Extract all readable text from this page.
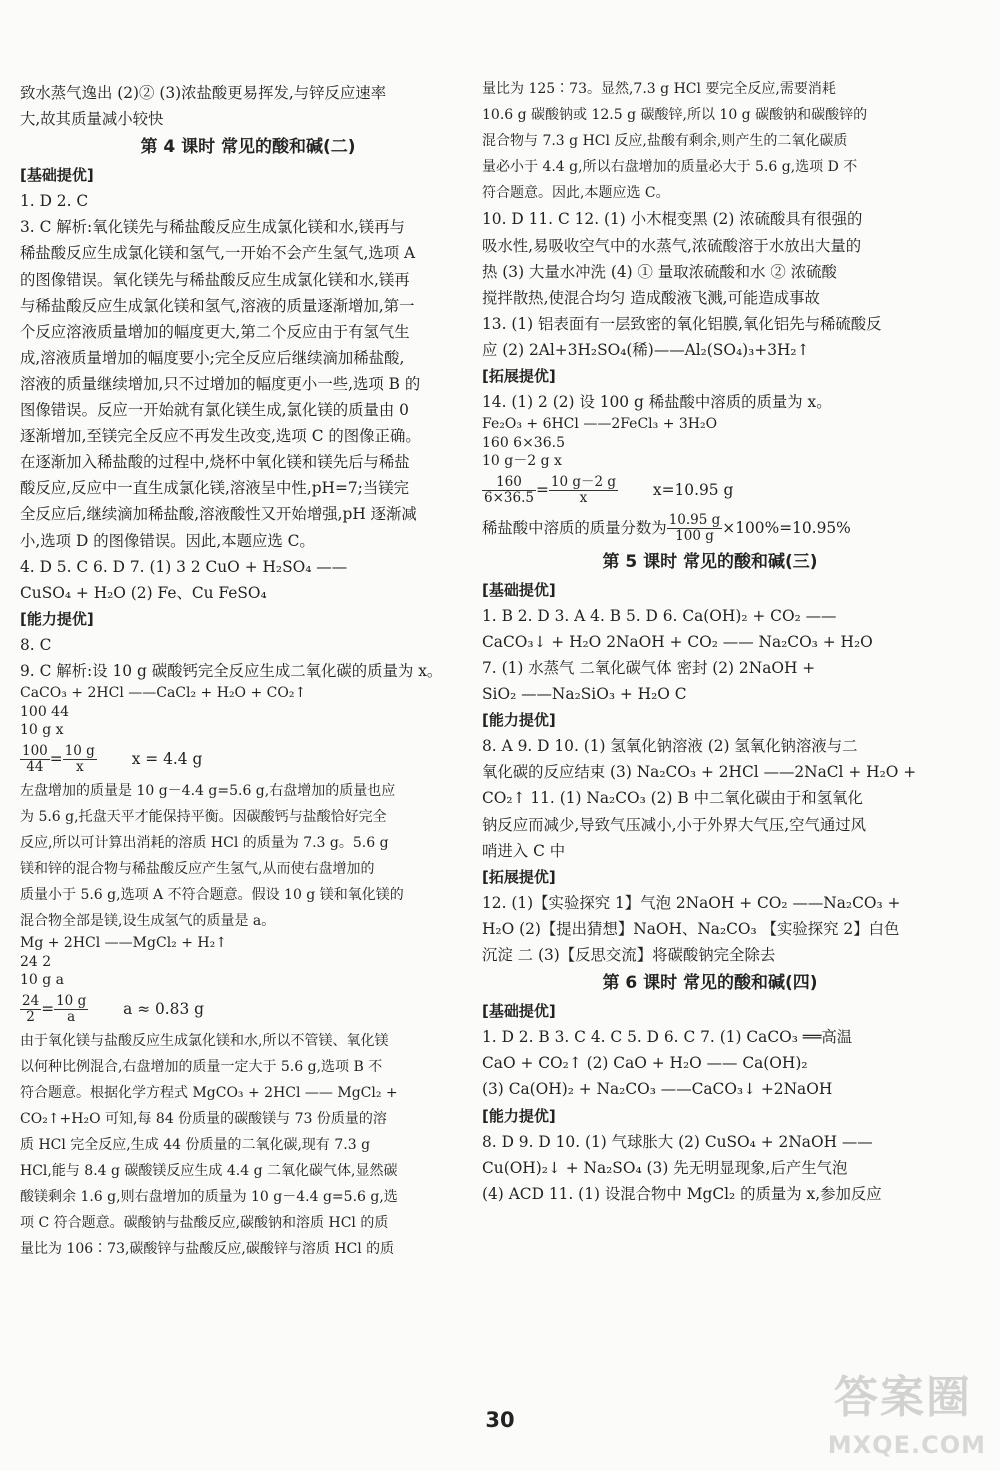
致水蒸气逸出 (2)② (3)浓盐酸更易挥发,与锌反应速率
大,故其质量减小较快
第 4 课时 常见的酸和碱(二)
[基础提优]
1. D 2. C
3. C 解析:氧化镁先与稀盐酸反应生成氯化镁和水,镁再与
稀盐酸反应生成氯化镁和氢气,一开始不会产生氢气,选项 A
的图像错误。氧化镁先与稀盐酸反应生成氯化镁和水,镁再
与稀盐酸反应生成氯化镁和氢气,溶液的质量逐渐增加,第一
个反应溶液质量增加的幅度更大,第二个反应由于有氢气生
成,溶液质量增加的幅度要小;完全反应后继续滴加稀盐酸,
溶液的质量继续增加,只不过增加的幅度更小一些,选项 B 的
图像错误。反应一开始就有氯化镁生成,氯化镁的质量由 0
逐渐增加,至镁完全反应不再发生改变,选项 C 的图像正确。
在逐渐加入稀盐酸的过程中,烧杯中氧化镁和镁先后与稀盐
酸反应,反应中一直生成氯化镁,溶液呈中性,pH=7;当镁完
全反应后,继续滴加稀盐酸,溶液酸性又开始增强,pH 逐渐减
小,选项 D 的图像错误。因此,本题应选 C。
4. D 5. C 6. D 7. (1) 3 2 CuO + H₂SO₄ ——
CuSO₄ + H₂O (2) Fe、Cu FeSO₄
[能力提优]
8. C
9. C 解析:设 10 g 碳酸钙完全反应生成二氧化碳的质量为 x。
CaCO₃ + 2HCl ——CaCl₂ + H₂O + CO₂↑
100 44
10 g x
$\frac{100}{44} = \frac{10 g}{x}$ x = 4.4 g
左盘增加的质量是 10 g－4.4 g=5.6 g,右盘增加的质量也应
为 5.6 g,托盘天平才能保持平衡。因碳酸钙与盐酸恰好完全
反应,所以可计算出消耗的溶质 HCl 的质量为 7.3 g。5.6 g
镁和锌的混合物与稀盐酸反应产生氢气,从而使右盘增加的
质量小于 5.6 g,选项 A 不符合题意。假设 10 g 镁和氧化镁的
混合物全部是镁,设生成氢气的质量是 a。
Mg + 2HCl ——MgCl₂ + H₂↑
24 2
10 g a
$\frac{24}{2} = \frac{10 g}{a}$ a ≈ 0.83 g
由于氧化镁与盐酸反应生成氯化镁和水,所以不管镁、氧化镁
以何种比例混合,右盘增加的质量一定大于 5.6 g,选项 B 不
符合题意。根据化学方程式 MgCO₃ + 2HCl —— MgCl₂ +
CO₂↑+H₂O 可知,每 84 份质量的碳酸镁与 73 份质量的溶
质 HCl 完全反应,生成 44 份质量的二氧化碳,现有 7.3 g
HCl,能与 8.4 g 碳酸镁反应生成 4.4 g 二氧化碳气体,显然碳
酸镁剩余 1.6 g,则右盘增加的质量为 10 g－4.4 g=5.6 g,选
项 C 符合题意。碳酸钠与盐酸反应,碳酸钠和溶质 HCl 的质
量比为 106∶73,碳酸锌与盐酸反应,碳酸锌与溶质 HCl 的质
量比为 125∶73。显然,7.3 g HCl 要完全反应,需要消耗
10.6 g 碳酸钠或 12.5 g 碳酸锌,所以 10 g 碳酸钠和碳酸锌的
混合物与 7.3 g HCl 反应,盐酸有剩余,则产生的二氧化碳质
量必小于 4.4 g,所以右盘增加的质量必大于 5.6 g,选项 D 不
符合题意。因此,本题应选 C。
10. D 11. C 12. (1) 小木棍变黑 (2) 浓硫酸具有很强的
吸水性,易吸收空气中的水蒸气,浓硫酸溶于水放出大量的
热 (3) 大量水冲洗 (4) ① 量取浓硫酸和水 ② 浓硫酸
搅拌散热,使混合均匀 造成酸液飞溅,可能造成事故
13. (1) 铝表面有一层致密的氧化铝膜,氧化铝先与稀硫酸反
应 (2) 2Al+3H₂SO₄(稀)——Al₂(SO₄)₃+3H₂↑
[拓展提优]
14. (1) 2 (2) 设 100 g 稀盐酸中溶质的质量为 x。
Fe₂O₃ + 6HCl ——2FeCl₃ + 3H₂O
160 6×36.5
10 g－2 g x
$\frac{160}{6\times 36.5} = \frac{10 g-2 g}{x} x=10.95$ g
稀盐酸中溶质的质量分数为 $\frac{10.95 g}{100 g} \times 100\%=10.95\%$
第 5 课时 常见的酸和碱(三)
[基础提优]
1. B 2. D 3. A 4. B 5. D 6. Ca(OH)₂ + CO₂ ——
CaCO₃↓ + H₂O 2NaOH + CO₂ —— Na₂CO₃ + H₂O
7. (1) 水蒸气 二氧化碳气体 密封 (2) 2NaOH +
SiO₂ ——Na₂SiO₃ + H₂O C
[能力提优]
8. A 9. D 10. (1) 氢氧化钠溶液 (2) 氢氧化钠溶液与二
氧化碳的反应结束 (3) Na₂CO₃ + 2HCl ——2NaCl + H₂O +
CO₂↑ 11. (1) Na₂CO₃ (2) B 中二氧化碳由于和氢氧化
钠反应而减少,导致气压减小,小于外界大气压,空气通过风
哨进入 C 中
[拓展提优]
12. (1)【实验探究 1】气泡 2NaOH + CO₂ ——Na₂CO₃ +
H₂O (2)【提出猜想】NaOH、Na₂CO₃ 【实验探究 2】白色
沉淀 二 (3)【反思交流】将碳酸钠完全除去
第 6 课时 常见的酸和碱(四)
[基础提优]
1. D 2. B 3. C 4. C 5. D 6. C 7. (1) CaCO₃ ══高温
CaO + CO₂↑ (2) CaO + H₂O —— Ca(OH)₂
(3) Ca(OH)₂ + Na₂CO₃ ——CaCO₃↓ +2NaOH
[能力提优]
8. D 9. D 10. (1) 气球胀大 (2) CuSO₄ + 2NaOH ——
Cu(OH)₂↓ + Na₂SO₄ (3) 先无明显现象,后产生气泡
(4) ACD 11. (1) 设混合物中 MgCl₂ 的质量为 x,参加反应
30	答案圈
MXQE.COM
